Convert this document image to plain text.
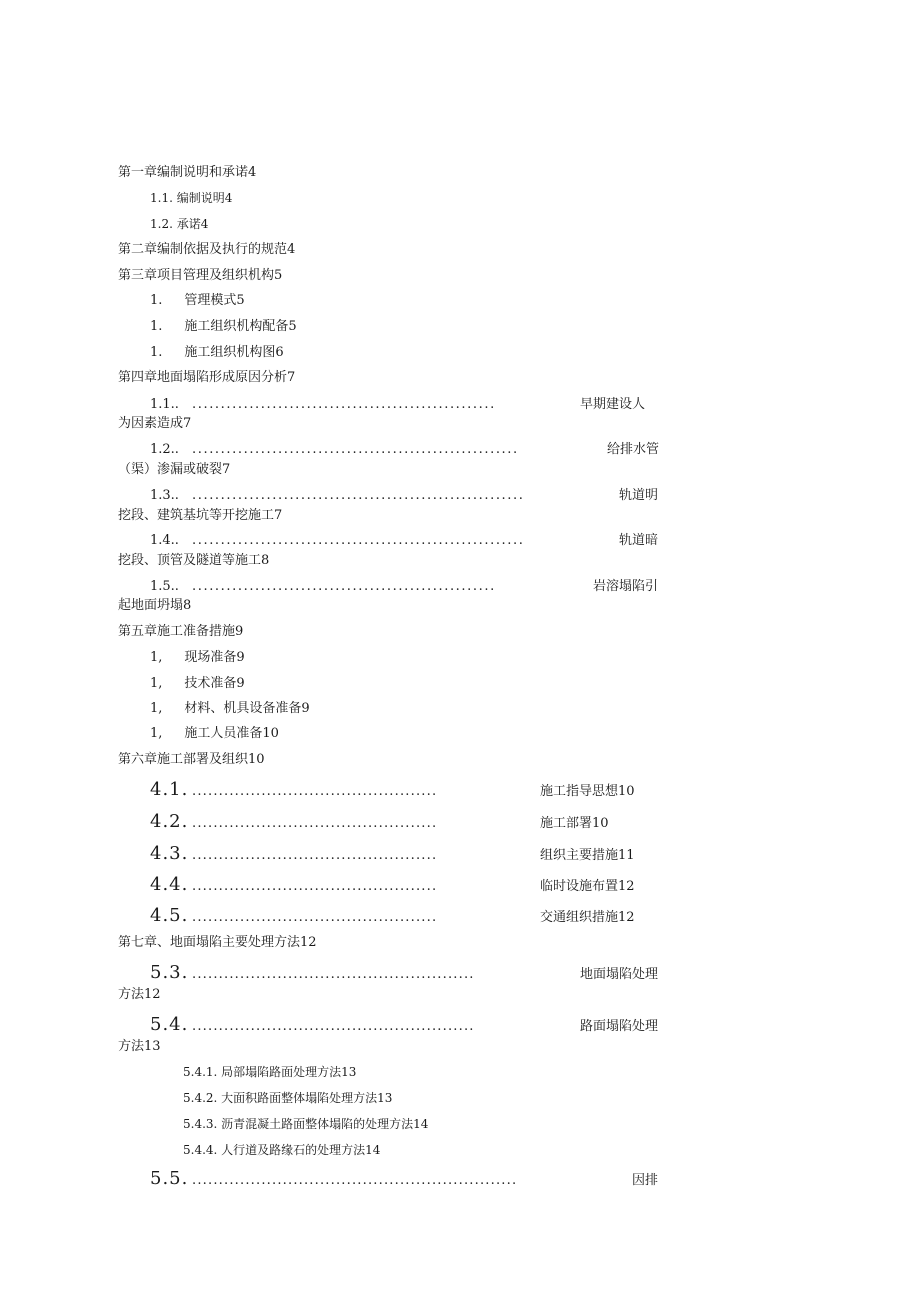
第一章编制说明和承诺4
1.1. 编制说明4
1.2. 承诺4
第二章编制依据及执行的规范4
第三章项目管理及组织机构5
1. 管理模式5
1. 施工组织机构配备5
1. 施工组织机构图6
第四章地面塌陷形成原因分析7
1.1.. .....................................................	早期建设人
为因素造成7
1.2.. .........................................................	给排水管
（渠）渗漏或破裂7
1.3.. ..........................................................	轨道明
挖段、建筑基坑等开挖施工7
1.4.. ..........................................................	轨道暗
挖段、顶管及隧道等施工8
1.5.. .....................................................	岩溶塌陷引
起地面坍塌8
第五章施工准备措施9
1, 现场准备9
1, 技术准备9
1, 材料、机具设备准备9
1, 施工人员准备10
第六章施工部署及组织10
4.1. ..............................................	施工指导思想10
4.2. ..............................................	施工部署10
4.3. ..............................................	组织主要措施11
4.4. ..............................................	临时设施布置12
4.5. ..............................................	交通组织措施12
第七章、地面塌陷主要处理方法12
5.3. .....................................................	地面塌陷处理
方法12
5.4. .....................................................	路面塌陷处理
方法13
5.4.1. 局部塌陷路面处理方法13
5.4.2. 大面积路面整体塌陷处理方法13
5.4.3. 沥青混凝土路面整体塌陷的处理方法14
5.4.4. 人行道及路缘石的处理方法14
5.5. .............................................................	因排
